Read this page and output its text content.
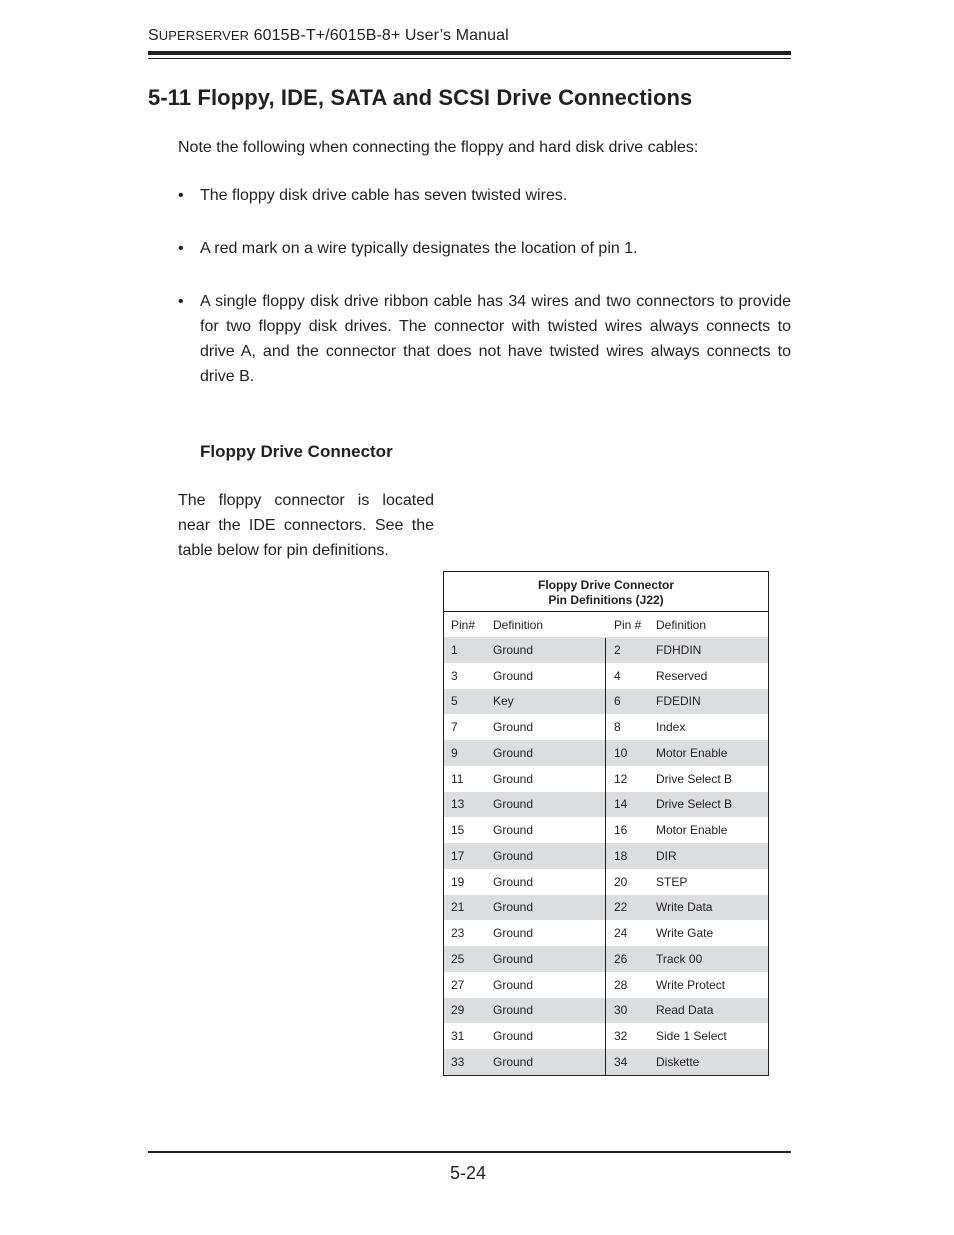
SUPERSERVER 6015B-T+/6015B-8+ User’s Manual
5-11 Floppy, IDE, SATA and SCSI Drive Connections
Note the following when connecting the floppy and hard disk drive cables:
• The floppy disk drive cable has seven twisted wires.
• A red mark on a wire typically designates the location of pin 1.
• A single floppy disk drive ribbon cable has 34 wires and two connectors to provide for two floppy disk drives. The connector with twisted wires always connects to drive A, and the connector that does not have twisted wires always connects to drive B.
Floppy Drive Connector
The floppy connector is located near the IDE connectors. See the table below for pin definitions.
Floppy Drive Connector
Pin Definitions (J22)
Pin# Definition	Pin # Definition
1	Ground	2	FDHDIN
3	Ground	4	Reserved
5	Key	6	FDEDIN
7	Ground	8	Index
9	Ground	10 Motor Enable
11 Ground	12 Drive Select B
13 Ground	14 Drive Select B
15 Ground	16 Motor Enable
17 Ground	18 DIR
19 Ground	20 STEP
21 Ground	22 Write Data
23 Ground	24 Write Gate
25 Ground	26 Track 00
27 Ground	28 Write Protect
29 Ground	30 Read Data
31 Ground	32 Side 1 Select
33 Ground	34 Diskette
5-24
